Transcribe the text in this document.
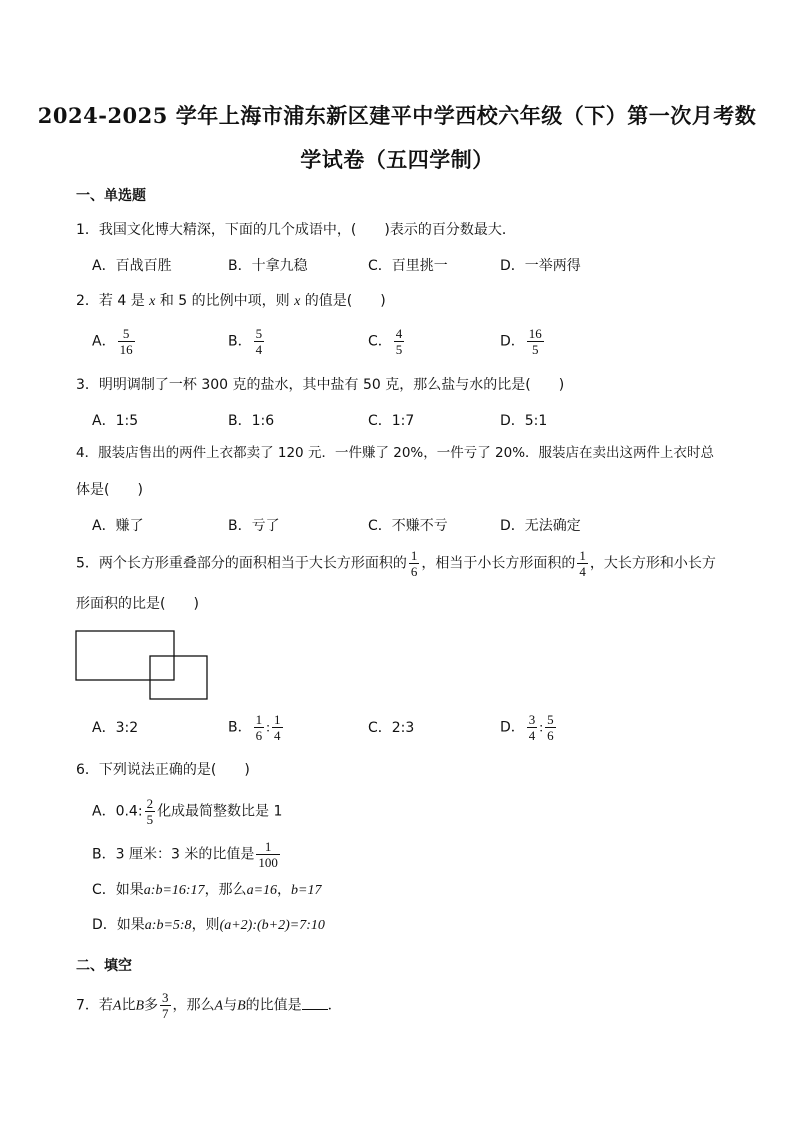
2024-2025 学年上海市浦东新区建平中学西校六年级（下）第一次月考数
学试卷（五四学制）
一、单选题
1．我国文化博大精深，下面的几个成语中，(　　)表示的百分数最大．
A．百战百胜	B．十拿九稳	C．百里挑一	D．一举两得
2．若 4 是 x 和 5 的比例中项，则 x 的值是(　　)
A． $\frac{5}{16}$	B． $\frac{5}{4}$	C． $\frac{4}{5}$	D． $\frac{16}{5}$
3．明明调制了一杯 300 克的盐水，其中盐有 50 克，那么盐与水的比是(　　)
A．1:5	B．1:6	C．1:7	D．5:1
4．服装店售出的两件上衣都卖了 120 元．一件赚了 20%，一件亏了 20%．服装店在卖出这两件上衣时总
体是(　　)
A．赚了	B．亏了	C．不赚不亏	D．无法确定
5．两个长方形重叠部分的面积相当于大长方形面积的 $\frac{1}{6}$ ，相当于小长方形面积的 $\frac{1}{4}$ ，大长方形和小长方
形面积的比是(　　)
A．3:2	B． $\frac{1}{6}$ : $\frac{1}{4}$	C．2:3	D． $\frac{3}{4}$ : $\frac{5}{6}$
6．下列说法正确的是(　　)
A．0.4: $\frac{2}{5}$ 化成最简整数比是 1
B．3 厘米：3 米的比值是 $\frac{1}{100}$
C．如果a:b=16:17，那么a=16，b=17
D．如果a:b=5:8，则(a+2):(b+2)=7:10
二、填空
7．若A比B多 $\frac{3}{7}$ ，那么A与B的比值是 ．
